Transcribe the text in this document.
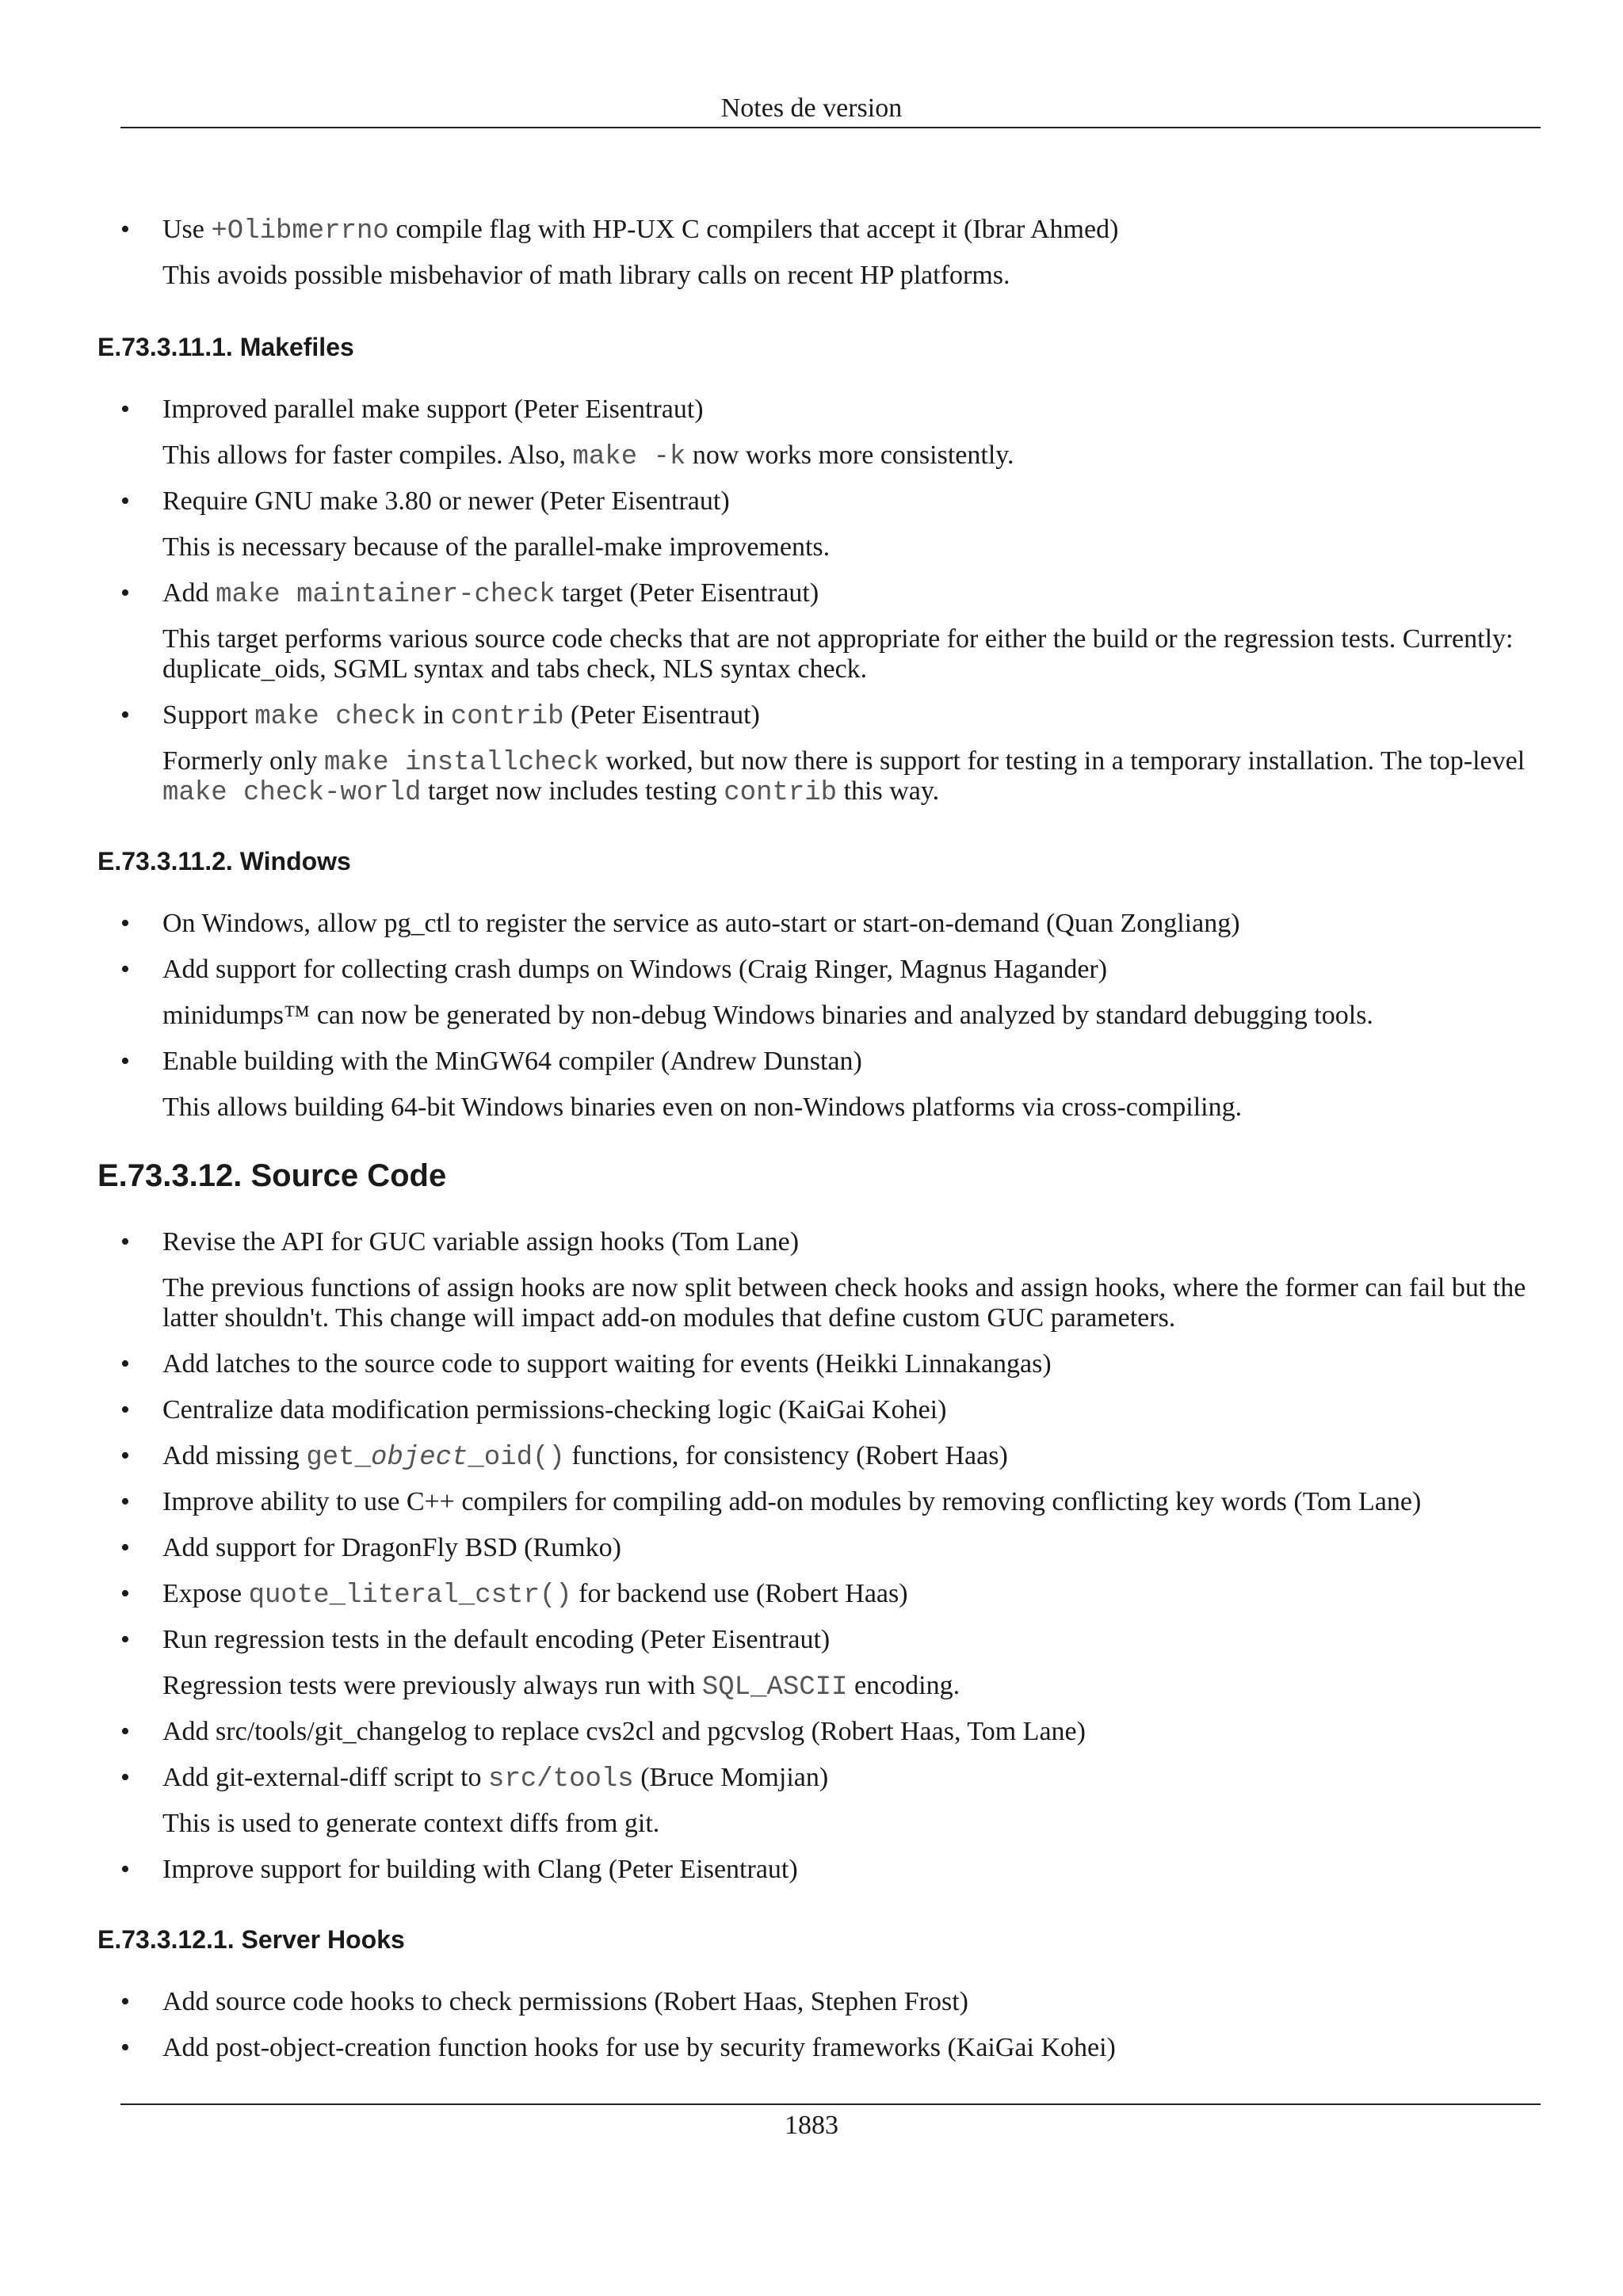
Notes de version
• Use +Olibmerrno compile flag with HP-UX C compilers that accept it (Ibrar Ahmed)
This avoids possible misbehavior of math library calls on recent HP platforms.
E.73.3.11.1. Makefiles
• Improved parallel make support (Peter Eisentraut)
This allows for faster compiles. Also, make -k now works more consistently.
• Require GNU make 3.80 or newer (Peter Eisentraut)
This is necessary because of the parallel-make improvements.
• Add make maintainer-check target (Peter Eisentraut)
This target performs various source code checks that are not appropriate for either the build or the regression tests. Currently:
duplicate_oids, SGML syntax and tabs check, NLS syntax check.
• Support make check in contrib (Peter Eisentraut)
Formerly only make installcheck worked, but now there is support for testing in a temporary installation. The top-level
make check-world target now includes testing contrib this way.
E.73.3.11.2. Windows
• On Windows, allow pg_ctl to register the service as auto-start or start-on-demand (Quan Zongliang)
• Add support for collecting crash dumps on Windows (Craig Ringer, Magnus Hagander)
minidumps™ can now be generated by non-debug Windows binaries and analyzed by standard debugging tools.
• Enable building with the MinGW64 compiler (Andrew Dunstan)
This allows building 64-bit Windows binaries even on non-Windows platforms via cross-compiling.
E.73.3.12. Source Code
• Revise the API for GUC variable assign hooks (Tom Lane)
The previous functions of assign hooks are now split between check hooks and assign hooks, where the former can fail but the
latter shouldn't. This change will impact add-on modules that define custom GUC parameters.
• Add latches to the source code to support waiting for events (Heikki Linnakangas)
• Centralize data modification permissions-checking logic (KaiGai Kohei)
• Add missing get_object_oid() functions, for consistency (Robert Haas)
• Improve ability to use C++ compilers for compiling add-on modules by removing conflicting key words (Tom Lane)
• Add support for DragonFly BSD (Rumko)
• Expose quote_literal_cstr() for backend use (Robert Haas)
• Run regression tests in the default encoding (Peter Eisentraut)
Regression tests were previously always run with SQL_ASCII encoding.
• Add src/tools/git_changelog to replace cvs2cl and pgcvslog (Robert Haas, Tom Lane)
• Add git-external-diff script to src/tools (Bruce Momjian)
This is used to generate context diffs from git.
• Improve support for building with Clang (Peter Eisentraut)
E.73.3.12.1. Server Hooks
• Add source code hooks to check permissions (Robert Haas, Stephen Frost)
• Add post-object-creation function hooks for use by security frameworks (KaiGai Kohei)
1883
